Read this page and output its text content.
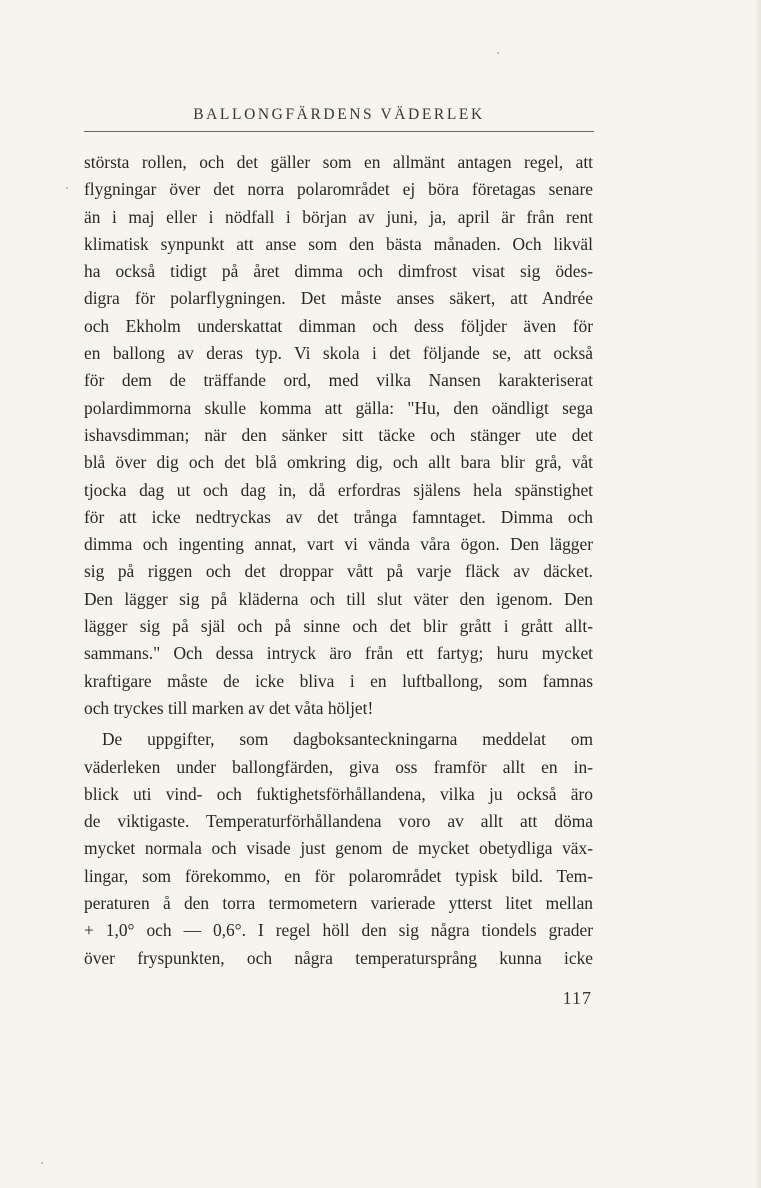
BALLONGFÄRDENS VÄDERLEK

största rollen, och det gäller som en allmänt antagen regel, att
flygningar över det norra polarområdet ej böra företagas senare
än i maj eller i nödfall i början av juni, ja, april är från rent
klimatisk synpunkt att anse som den bästa månaden. Och likväl
ha också tidigt på året dimma och dimfrost visat sig ödes-
digra för polarflygningen. Det måste anses säkert, att Andrée
och Ekholm underskattat dimman och dess följder även för
en ballong av deras typ. Vi skola i det följande se, att också
för dem de träffande ord, med vilka Nansen karakteriserat
polardimmorna skulle komma att gälla: "Hu, den oändligt sega
ishavsdimman; när den sänker sitt täcke och stänger ute det
blå över dig och det blå omkring dig, och allt bara blir grå, våt
tjocka dag ut och dag in, då erfordras själens hela spänstighet
för att icke nedtryckas av det trånga famntaget. Dimma och
dimma och ingenting annat, vart vi vända våra ögon. Den lägger
sig på riggen och det droppar vått på varje fläck av däcket.
Den lägger sig på kläderna och till slut väter den igenom. Den
lägger sig på själ och på sinne och det blir grått i grått allt-
sammans." Och dessa intryck äro från ett fartyg; huru mycket
kraftigare måste de icke bliva i en luftballong, som famnas
och tryckes till marken av det våta höljet!

De uppgifter, som dagboksanteckningarna meddelat om
väderleken under ballongfärden, giva oss framför allt en in-
blick uti vind- och fuktighetsförhållandena, vilka ju också äro
de viktigaste. Temperaturförhållandena voro av allt att döma
mycket normala och visade just genom de mycket obetydliga väx-
lingar, som förekommo, en för polarområdet typisk bild. Tem-
peraturen å den torra termometern varierade ytterst litet mellan
+ 1,0° och — 0,6°. I regel höll den sig några tiondels grader
över fryspunkten, och några temperatursprång kunna icke

117
